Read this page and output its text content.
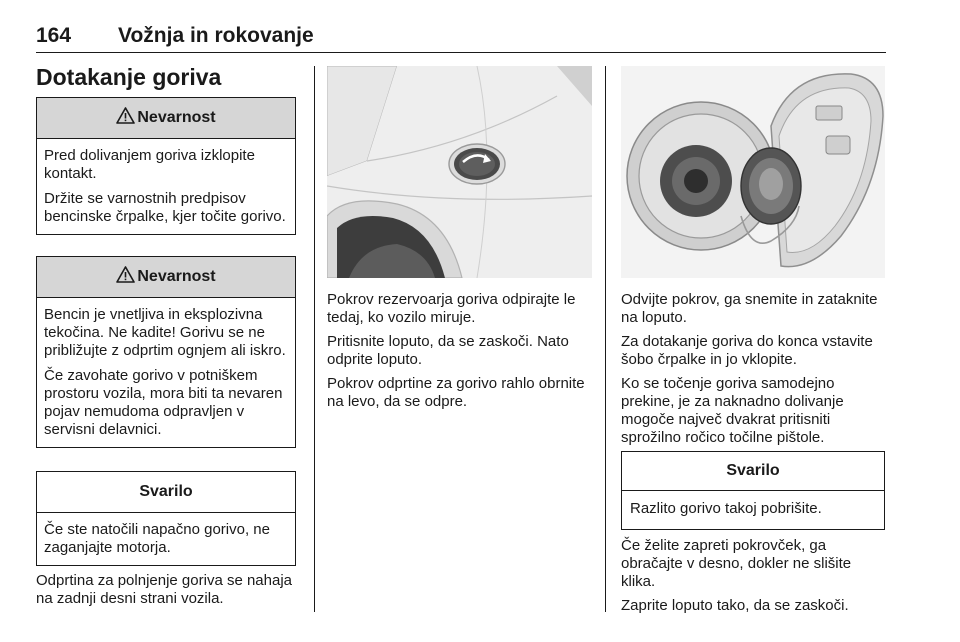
164 Vožnja in rokovanje
Dotakanje goriva
Nevarnost

Pred dolivanjem goriva izklopite kontakt.

Držite se varnostnih predpisov bencinske črpalke, kjer točite gorivo.

Nevarnost

Bencin je vnetljiva in eksplozivna tekočina. Ne kadite! Gorivu se ne približujte z odprtim ognjem ali iskro.

Če zavohate gorivo v potniškem prostoru vozila, mora biti ta nevaren pojav nemudoma odpravljen v servisni delavnici.

Svarilo

Če ste natočili napačno gorivo, ne zaganjajte motorja.

Odprtina za polnjenje goriva se nahaja na zadnji desni strani vozila.

Pokrov rezervoarja goriva odpirajte le tedaj, ko vozilo miruje.

Pritisnite loputo, da se zaskoči. Nato odprite loputo.

Pokrov odprtine za gorivo rahlo obrnite na levo, da se odpre.

Odvijte pokrov, ga snemite in zataknite na loputo.

Za dotakanje goriva do konca vstavite šobo črpalke in jo vklopite.

Ko se točenje goriva samodejno prekine, je za naknadno dolivanje mogoče največ dvakrat pritisniti sprožilno ročico točilne pištole.

Svarilo

Razlito gorivo takoj pobrišite.

Če želite zapreti pokrovček, ga obračajte v desno, dokler ne slišite klika.

Zaprite loputo tako, da se zaskoči.
